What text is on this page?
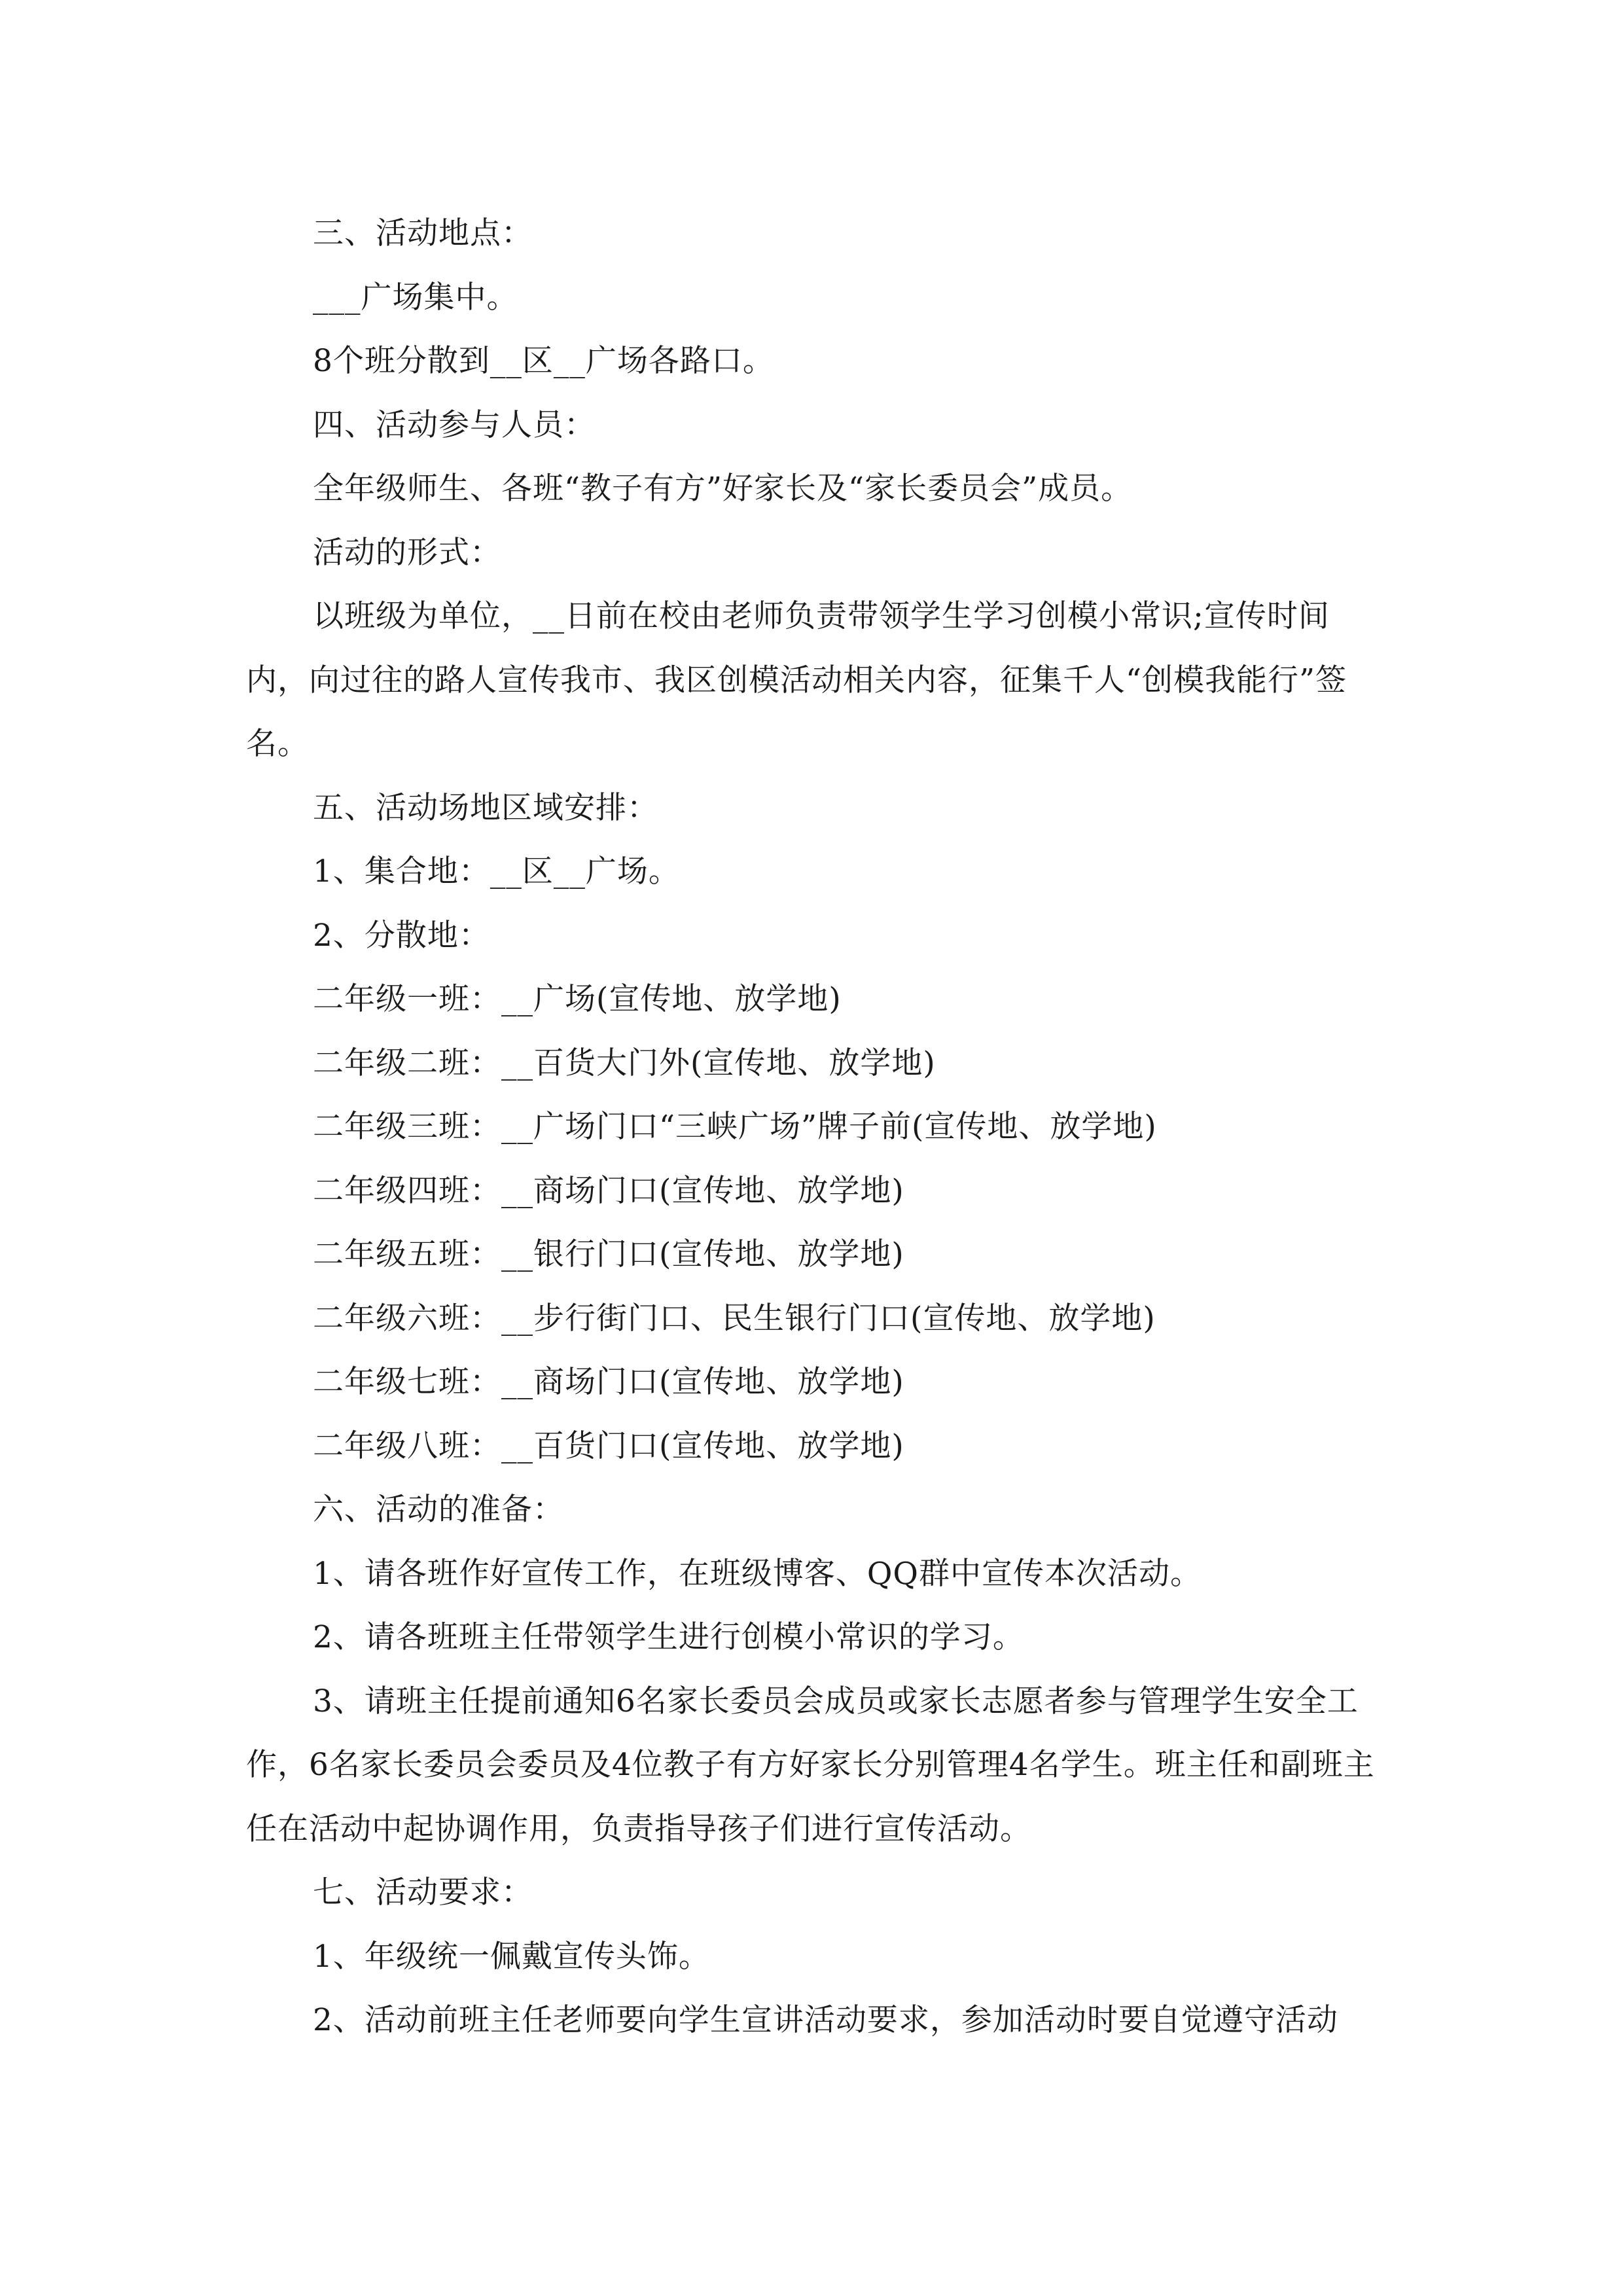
三、活动地点：

___广场集中。

8个班分散到__区__广场各路口。

四、活动参与人员：

全年级师生、各班“教子有方”好家长及“家长委员会”成员。

活动的形式：

以班级为单位，__日前在校由老师负责带领学生学习创模小常识;宣传时间内，向过往的路人宣传我市、我区创模活动相关内容，征集千人“创模我能行”签名。

五、活动场地区域安排：

1、集合地：__区__广场。

2、分散地：

二年级一班：__广场(宣传地、放学地)

二年级二班：__百货大门外(宣传地、放学地)

二年级三班：__广场门口“三峡广场”牌子前(宣传地、放学地)

二年级四班：__商场门口(宣传地、放学地)

二年级五班：__银行门口(宣传地、放学地)

二年级六班：__步行街门口、民生银行门口(宣传地、放学地)

二年级七班：__商场门口(宣传地、放学地)

二年级八班：__百货门口(宣传地、放学地)

六、活动的准备：

1、请各班作好宣传工作，在班级博客、QQ群中宣传本次活动。

2、请各班班主任带领学生进行创模小常识的学习。

3、请班主任提前通知6名家长委员会成员或家长志愿者参与管理学生安全工作，6名家长委员会委员及4位教子有方好家长分别管理4名学生。班主任和副班主任在活动中起协调作用，负责指导孩子们进行宣传活动。

七、活动要求：

1、年级统一佩戴宣传头饰。

2、活动前班主任老师要向学生宣讲活动要求，参加活动时要自觉遵守活动
